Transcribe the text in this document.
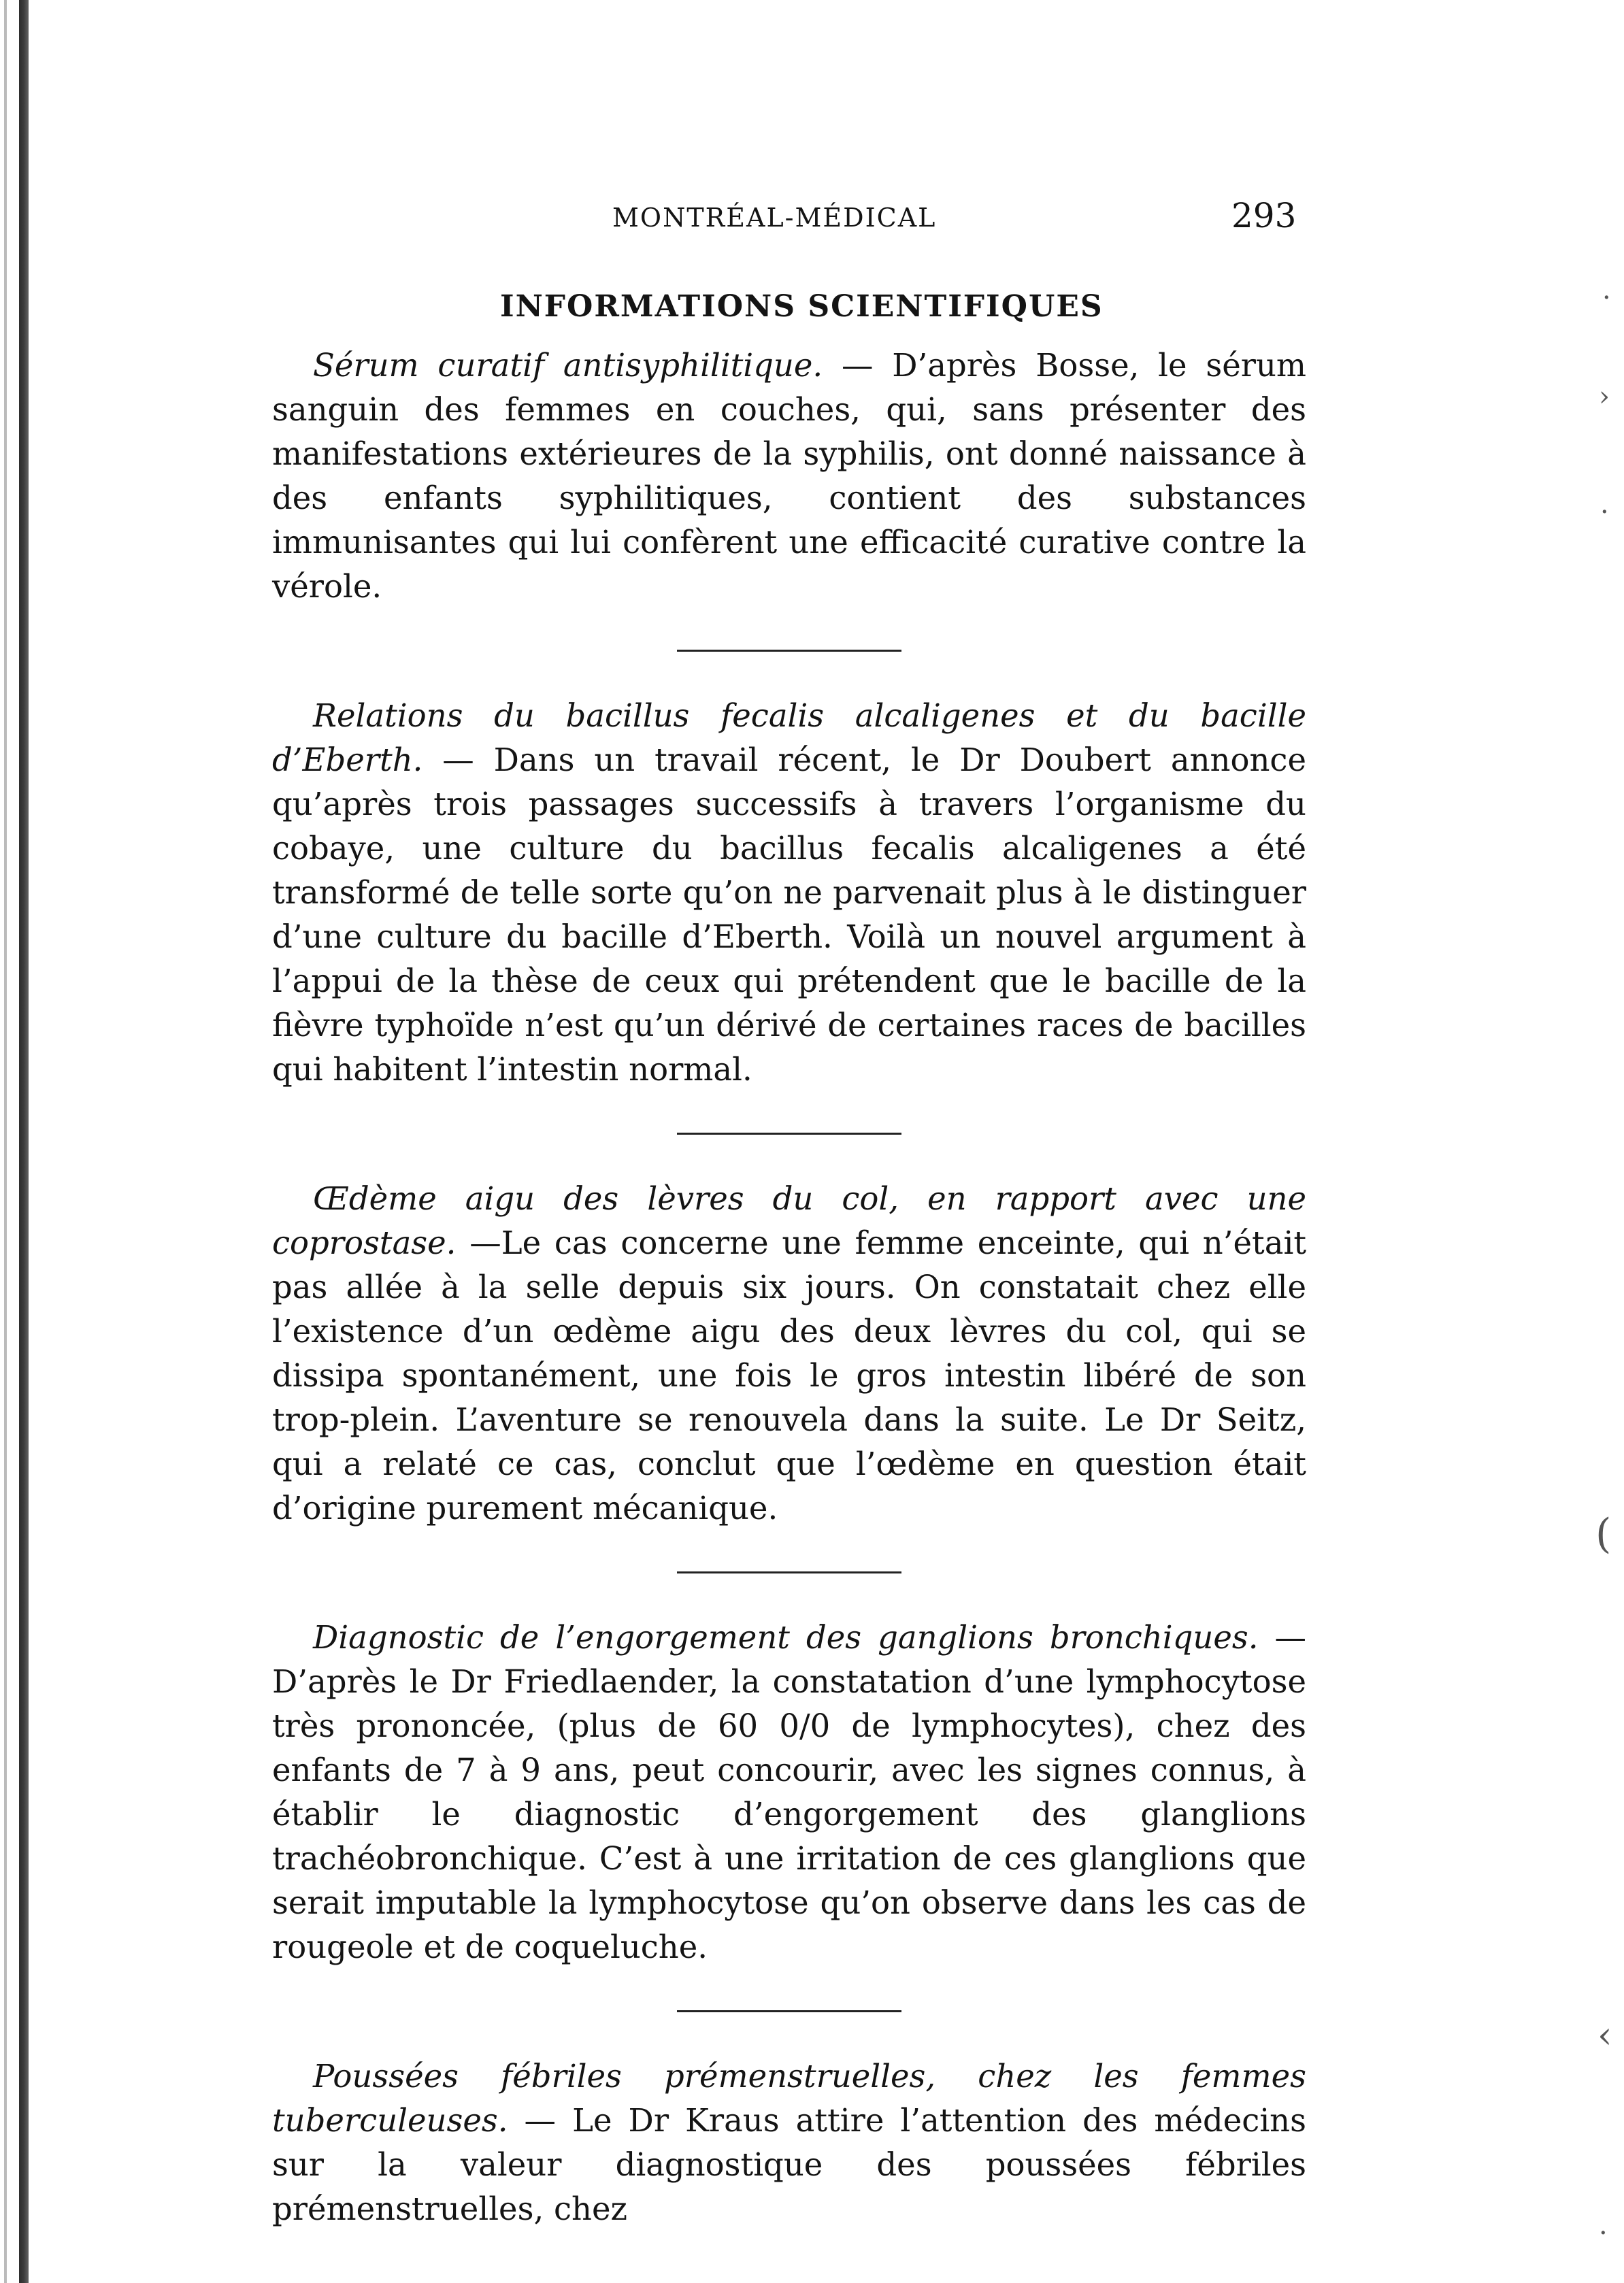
MONTRÉAL-MÉDICAL	293
INFORMATIONS SCIENTIFIQUES

Sérum curatif antisyphilitique. — D’après Bosse, le sérum sanguin des femmes en couches, qui, sans présenter des manifestations extérieures de la syphilis, ont donné naissance à des enfants syphilitiques, contient des substances immunisantes qui lui confèrent une efficacité curative contre la vérole.

Relations du bacillus fecalis alcaligenes et du bacille d’Eberth. — Dans un travail récent, le Dr Doubert annonce qu’après trois passages successifs à travers l’organisme du cobaye, une culture du bacillus fecalis alcaligenes a été transformé de telle sorte qu’on ne parvenait plus à le distinguer d’une culture du bacille d’Eberth. Voilà un nouvel argument à l’appui de la thèse de ceux qui prétendent que le bacille de la fièvre typhoïde n’est qu’un dérivé de certaines races de bacilles qui habitent l’intestin normal.

Œdème aigu des lèvres du col, en rapport avec une coprostase. —Le cas concerne une femme enceinte, qui n’était pas allée à la selle depuis six jours. On constatait chez elle l’existence d’un œdème aigu des deux lèvres du col, qui se dissipa spontanément, une fois le gros intestin libéré de son trop-plein. L’aventure se renouvela dans la suite. Le Dr Seitz, qui a relaté ce cas, conclut que l’œdème en question était d’origine purement mécanique.

Diagnostic de l’engorgement des ganglions bronchiques. — D’après le Dr Friedlaender, la constatation d’une lymphocytose très prononcée, (plus de 60 0/0 de lymphocytes), chez des enfants de 7 à 9 ans, peut concourir, avec les signes connus, à établir le diagnostic d’engorgement des glanglions trachéobronchique. C’est à une irritation de ces glanglions que serait imputable la lymphocytose qu’on observe dans les cas de rougeole et de coqueluche.

Poussées fébriles prémenstruelles, chez les femmes tuberculeuses. — Le Dr Kraus attire l’attention des médecins sur la valeur diagnostique des poussées fébriles prémenstruelles, chez

·
›
·
(
‹
·
